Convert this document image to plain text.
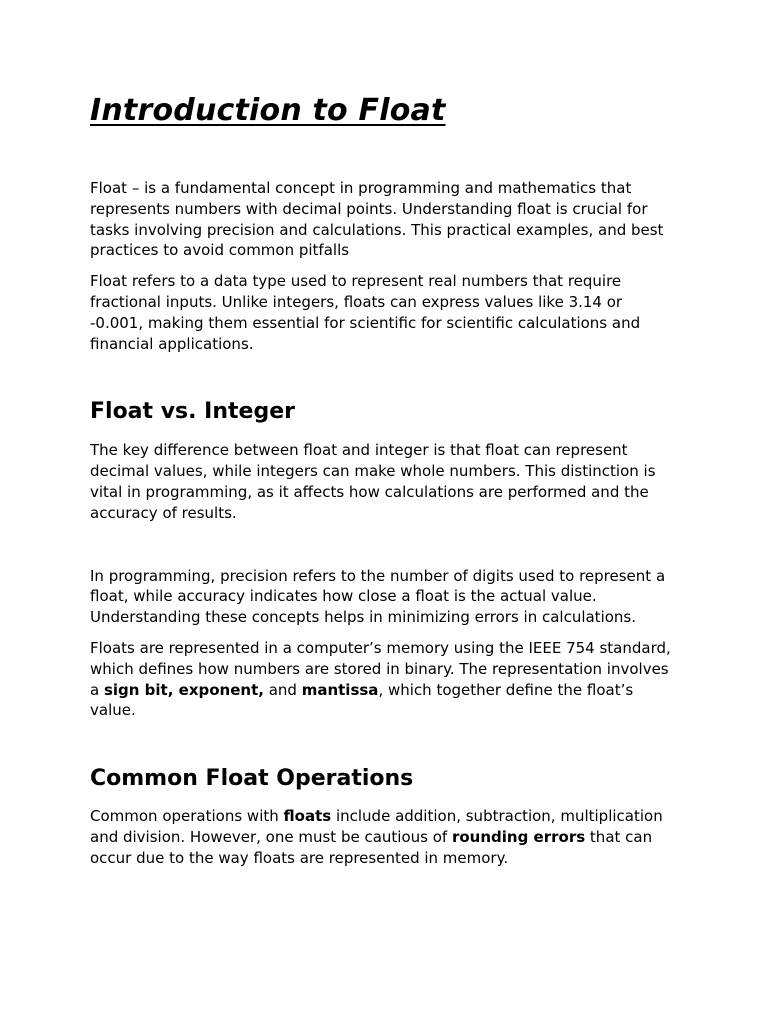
Introduction to Float

Float – is a fundamental concept in programming and mathematics that represents numbers with decimal points. Understanding float is crucial for tasks involving precision and calculations. This practical examples, and best practices to avoid common pitfalls

Float refers to a data type used to represent real numbers that require fractional inputs. Unlike integers, floats can express values like 3.14 or -0.001, making them essential for scientific for scientific calculations and financial applications.

Float vs. Integer

The key difference between float and integer is that float can represent decimal values, while integers can make whole numbers. This distinction is vital in programming, as it affects how calculations are performed and the accuracy of results.

In programming, precision refers to the number of digits used to represent a float, while accuracy indicates how close a float is the actual value. Understanding these concepts helps in minimizing errors in calculations.

Floats are represented in a computer’s memory using the IEEE 754 standard, which defines how numbers are stored in binary. The representation involves a sign bit, exponent, and mantissa, which together define the float’s value.

Common Float Operations

Common operations with floats include addition, subtraction, multiplication and division. However, one must be cautious of rounding errors that can occur due to the way floats are represented in memory.
